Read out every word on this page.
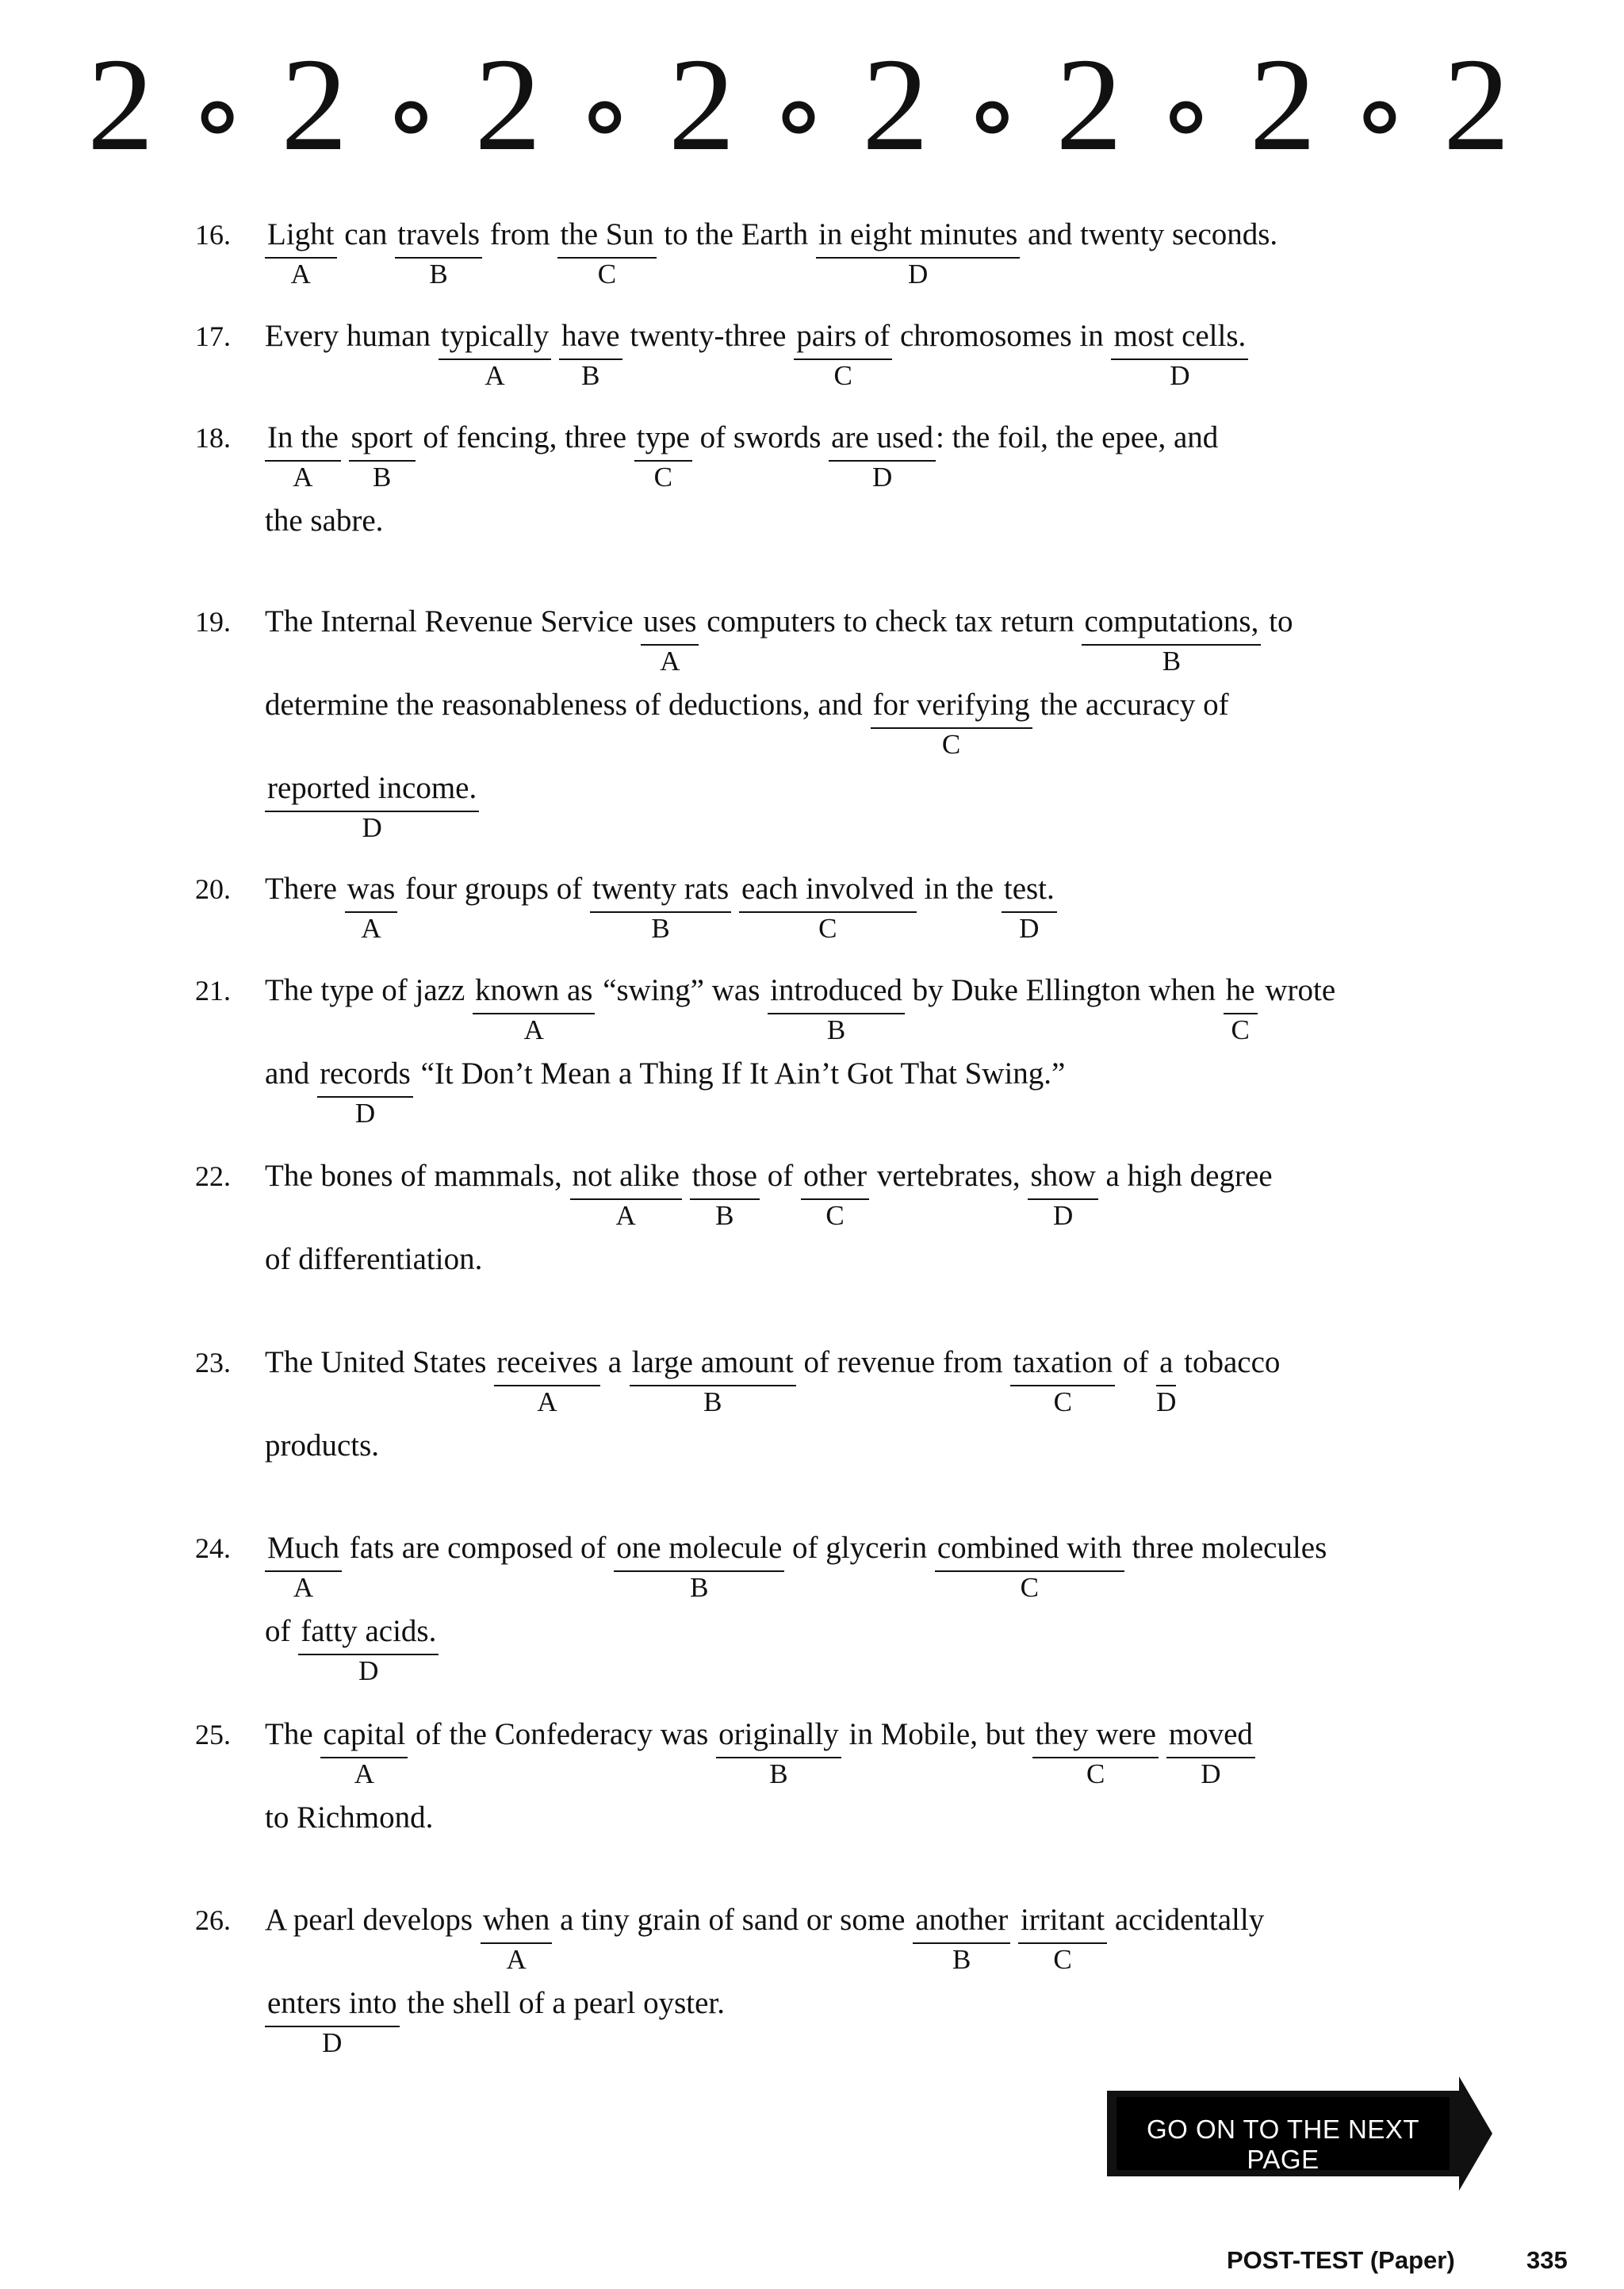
2 2 2 2 2 2 2 2
16. Light
A
can travels
B
from the Sun
C
to the Earth in eight minutes
D
and twenty seconds.
17. Every human typically
A

have
B
twenty-three pairs of
C
chromosomes in most cells.
D
18. In the
A

sport
B
of fencing, three type
C
of swords are used
D
: the foil, the epee, and
the sabre.
19. The Internal Revenue Service uses
A
computers to check tax return computations,
B
to
determine the reasonableness of deductions, and for verifying
C
the accuracy of
reported income.
D
20. There was
A
four groups of twenty rats
B

each involved
C
in the test.
D
21. The type of jazz known as
A
“swing” was introduced
B
by Duke Ellington when $\frac{he}{C}$ wrote
and records
D
“It Don’t Mean a Thing If It Ain’t Got That Swing.”
22. The bones of mammals, not alike
A

those
B
of other
C
vertebrates, show
D
a high degree
of differentiation.
23. The United States receives
A
a large amount
B
of revenue from taxation
C
of $\frac{a}{D}$ tobacco
products.
24. Much
A
fats are composed of one molecule
B
of glycerin combined with
C
three molecules
of fatty acids.
D
25. The capital
A
of the Confederacy was originally
B
in Mobile, but they were
C

moved
D
to Richmond.
26. A pearl develops when
A
a tiny grain of sand or some another
B

irritant
C
accidentally
enters into
D
the shell of a pearl oyster.
GO ON TO THE NEXT PAGE
POST-TEST (Paper)	335
